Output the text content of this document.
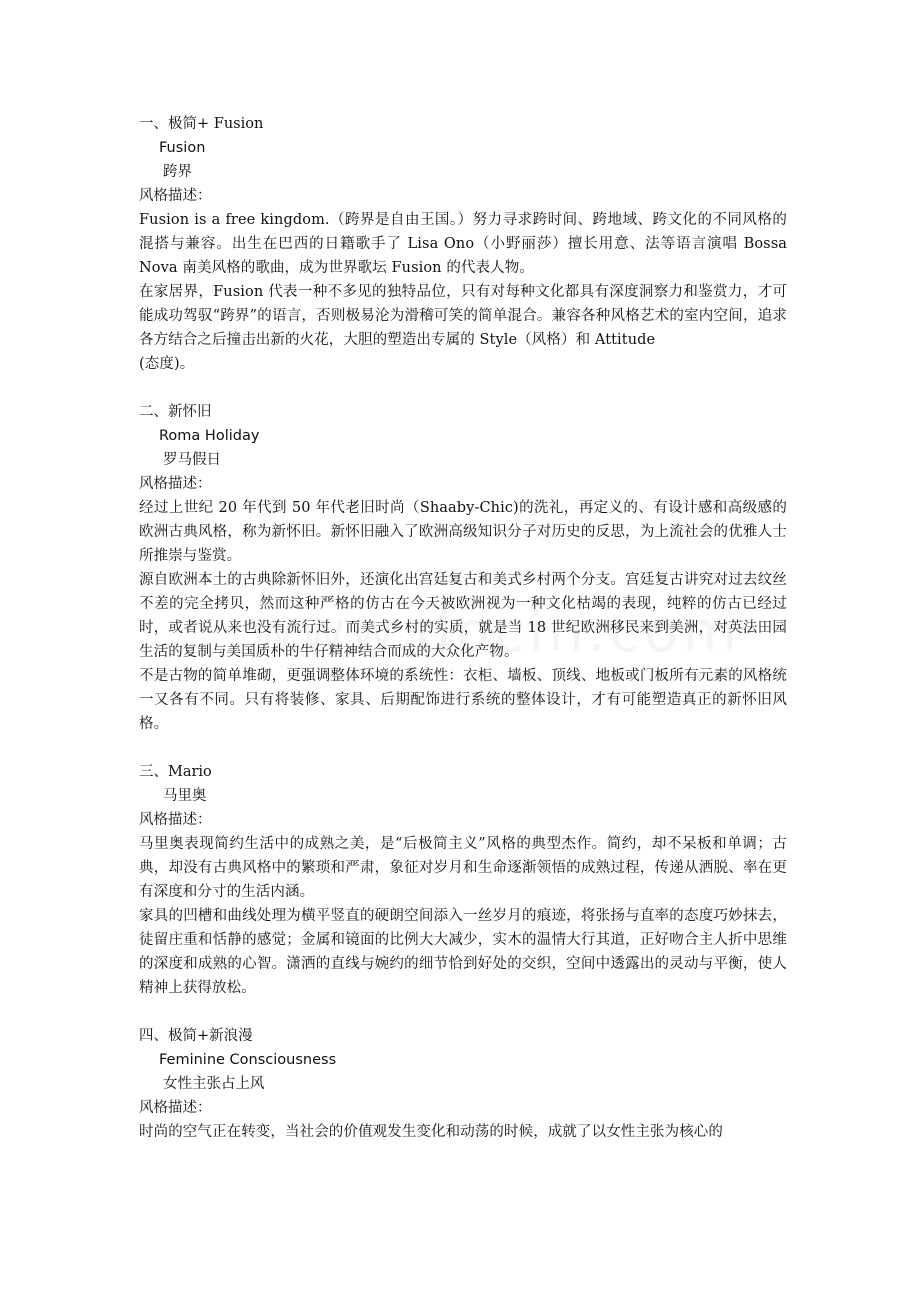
一、极简+ Fusion
Fusion
跨界
风格描述：
Fusion is a free kingdom.（跨界是自由王国。）努力寻求跨时间、跨地域、跨文化的不同风格的混搭与兼容。出生在巴西的日籍歌手了 Lisa Ono（小野丽莎）擅长用意、法等语言演唱 Bossa Nova 南美风格的歌曲，成为世界歌坛 Fusion 的代表人物。
在家居界，Fusion 代表一种不多见的独特品位，只有对每种文化都具有深度洞察力和鉴赏力，才可能成功驾驭“跨界”的语言，否则极易沦为滑稽可笑的简单混合。兼容各种风格艺术的室内空间，追求各方结合之后撞击出新的火花，大胆的塑造出专属的 Style（风格）和 Attitude
(态度)。
二、新怀旧
Roma Holiday
罗马假日
风格描述：
经过上世纪 20 年代到 50 年代老旧时尚（Shaaby-Chic)的洗礼，再定义的、有设计感和高级感的欧洲古典风格，称为新怀旧。新怀旧融入了欧洲高级知识分子对历史的反思，为上流社会的优雅人士所推崇与鉴赏。
源自欧洲本土的古典除新怀旧外，还演化出宫廷复古和美式乡村两个分支。宫廷复古讲究对过去纹丝不差的完全拷贝，然而这种严格的仿古在今天被欧洲视为一种文化枯竭的表现，纯粹的仿古已经过时，或者说从来也没有流行过。而美式乡村的实质，就是当 18 世纪欧洲移民来到美洲，对英法田园生活的复制与美国质朴的牛仔精神结合而成的大众化产物。
不是古物的简单堆砌，更强调整体环境的系统性：衣柜、墙板、顶线、地板或门板所有元素的风格统一又各有不同。只有将装修、家具、后期配饰进行系统的整体设计，才有可能塑造真正的新怀旧风格。
三、Mario
马里奥
风格描述：
马里奥表现简约生活中的成熟之美，是“后极简主义”风格的典型杰作。简约，却不呆板和单调；古典，却没有古典风格中的繁琐和严肃，象征对岁月和生命逐渐领悟的成熟过程，传递从洒脱、率在更有深度和分寸的生活内涵。
家具的凹槽和曲线处理为横平竖直的硬朗空间添入一丝岁月的痕迹，将张扬与直率的态度巧妙抹去，徒留庄重和恬静的感觉；金属和镜面的比例大大减少，实木的温情大行其道，正好吻合主人折中思维的深度和成熟的心智。潇洒的直线与婉约的细节恰到好处的交织，空间中透露出的灵动与平衡，使人精神上获得放松。
四、极简+新浪漫
Feminine Consciousness
女性主张占上风
风格描述：
时尚的空气正在转变，当社会的价值观发生变化和动荡的时候，成就了以女性主张为核心的
